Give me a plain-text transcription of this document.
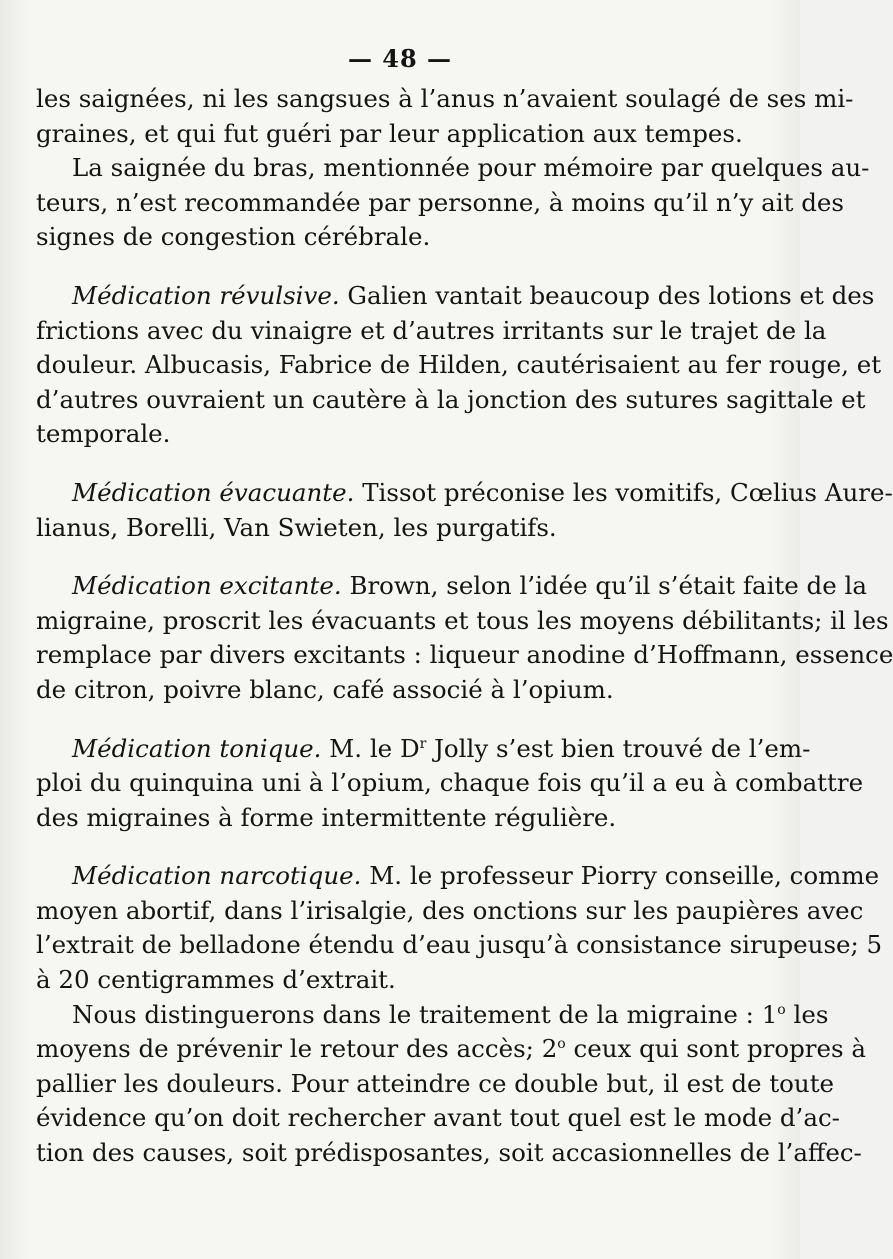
— 48 —
les saignées, ni les sangsues à l’anus n’avaient soulagé de ses mi-
graines, et qui fut guéri par leur application aux tempes.
La saignée du bras, mentionnée pour mémoire par quelques au-
teurs, n’est recommandée par personne, à moins qu’il n’y ait des
signes de congestion cérébrale.
Médication révulsive. Galien vantait beaucoup des lotions et des
frictions avec du vinaigre et d’autres irritants sur le trajet de la
douleur. Albucasis, Fabrice de Hilden, cautérisaient au fer rouge, et
d’autres ouvraient un cautère à la jonction des sutures sagittale et
temporale.
Médication évacuante. Tissot préconise les vomitifs, Cœlius Aure-
lianus, Borelli, Van Swieten, les purgatifs.
Médication excitante. Brown, selon l’idée qu’il s’était faite de la
migraine, proscrit les évacuants et tous les moyens débilitants; il les
remplace par divers excitants : liqueur anodine d’Hoffmann, essence
de citron, poivre blanc, café associé à l’opium.
Médication tonique. M. le $D^r$ Jolly s’est bien trouvé de l’em-
ploi du quinquina uni à l’opium, chaque fois qu’il a eu à combattre
des migraines à forme intermittente régulière.
Médication narcotique. M. le professeur Piorry conseille, comme
moyen abortif, dans l’irisalgie, des onctions sur les paupières avec
l’extrait de belladone étendu d’eau jusqu’à consistance sirupeuse; 5
à 20 centigrammes d’extrait.
Nous distinguerons dans le traitement de la migraine : 1$^o$ les
moyens de prévenir le retour des accès; 2$^o$ ceux qui sont propres à
pallier les douleurs. Pour atteindre ce double but, il est de toute
évidence qu’on doit rechercher avant tout quel est le mode d’ac-
tion des causes, soit prédisposantes, soit accasionnelles de l’affec-
